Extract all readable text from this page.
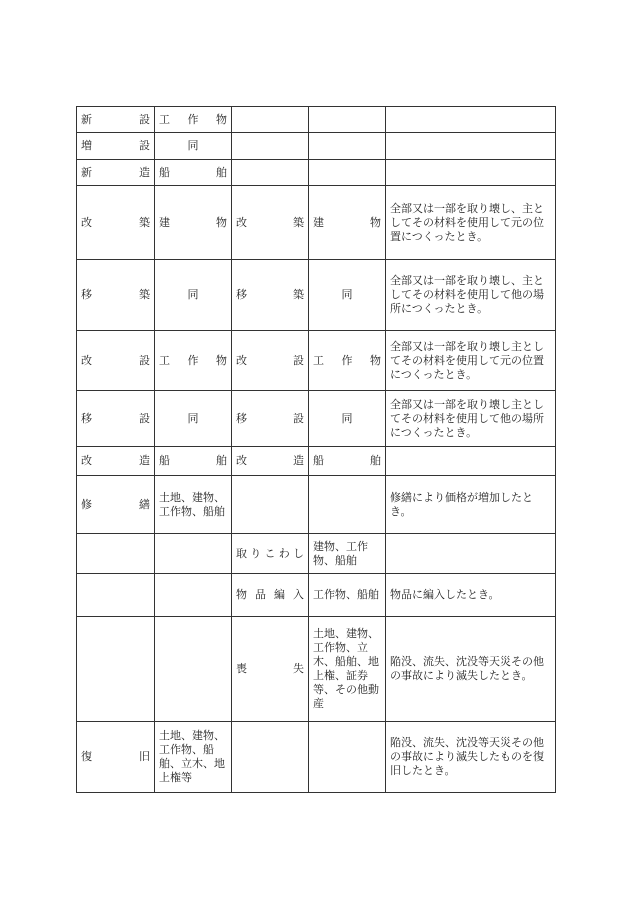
新　　設	工　作　物			
増　　設	同			
新　　造	船　　舶			
改　　築	建　　物	改　　築	建　　物	全部又は一部を取り壊し、主としてその材料を使用して元の位置につくったとき。
移　　築	同	移　　築	同	全部又は一部を取り壊し、主としてその材料を使用して他の場所につくったとき。
改　　設	工　作　物	改　　設	工　作　物	全部又は一部を取り壊し主としてその材料を使用して元の位置につくったとき。
移　　設	同	移　　設	同	全部又は一部を取り壊し主としてその材料を使用して他の場所につくったとき。
改　　造	船　　舶	改　　造	船　　舶	
修　　繕	土地、建物、工作物、船舶			修繕により価格が増加したとき。
		取りこわし	建物、工作物、船舶	
		物品編入	工作物、船舶	物品に編入したとき。
		喪　　失	土地、建物、工作物、立木、船舶、地上権、証券等、その他動産	陥没、流失、沈没等天災その他の事故により滅失したとき。
復　　旧	土地、建物、工作物、船舶、立木、地上権等			陥没、流失、沈没等天災その他の事故により滅失したものを復旧したとき。
